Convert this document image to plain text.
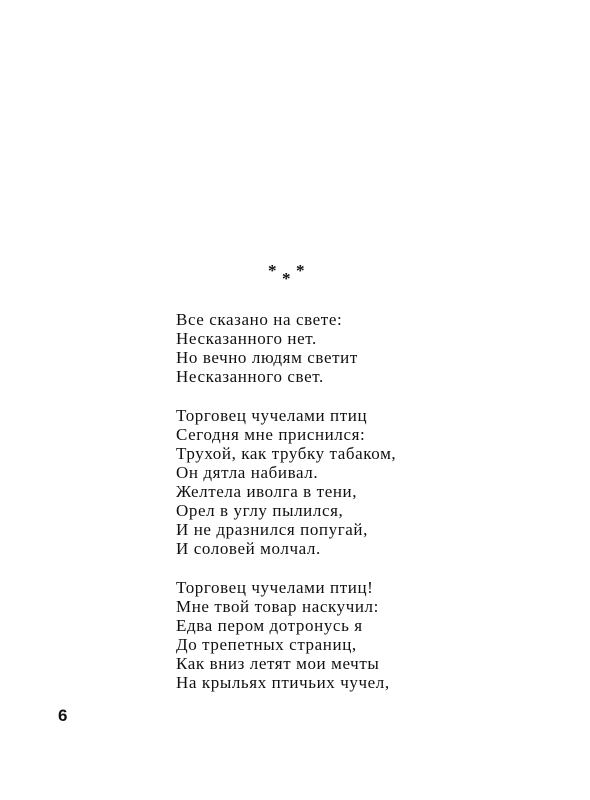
* * *
Все сказано на свете:
Несказанного нет.
Но вечно людям светит
Несказанного свет.
Торговец чучелами птиц
Сегодня мне приснился:
Трухой, как трубку табаком,
Он дятла набивал.
Желтела иволга в тени,
Орел в углу пылился,
И не дразнился попугай,
И соловей молчал.
Торговец чучелами птиц!
Мне твой товар наскучил:
Едва пером дотронусь я
До трепетных страниц,
Как вниз летят мои мечты
На крыльях птичьих чучел,
6
